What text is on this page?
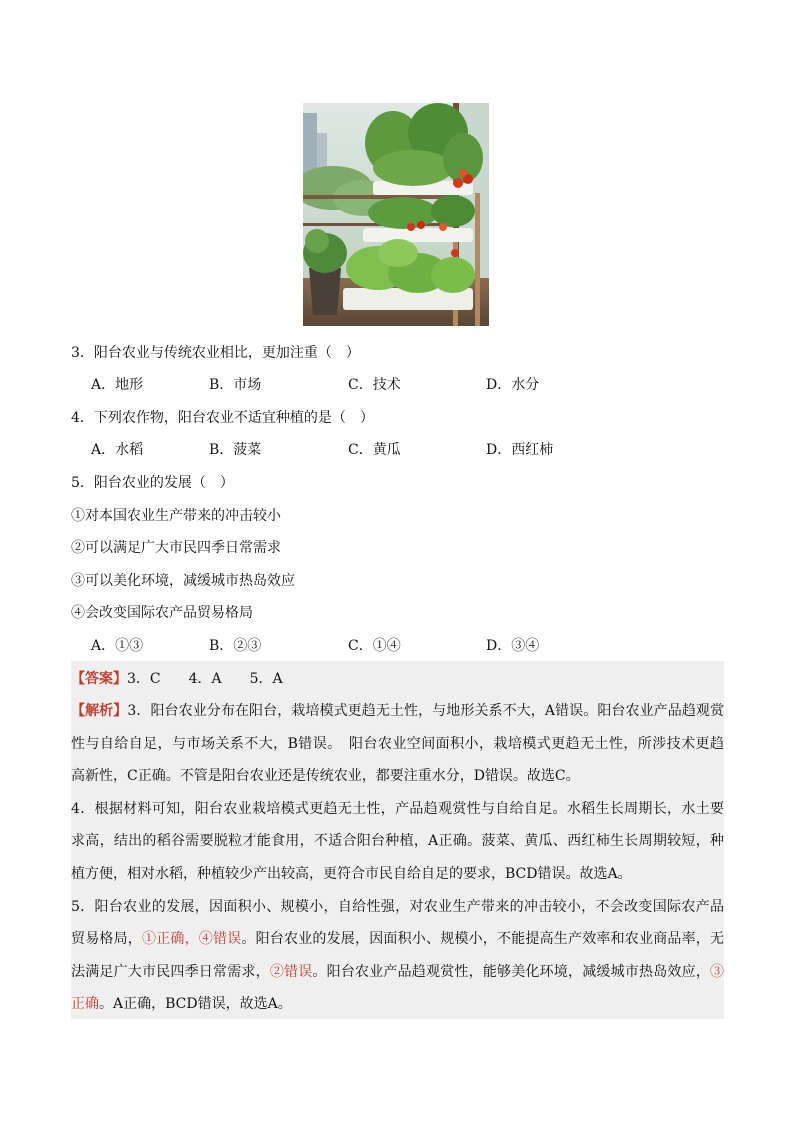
3．阳台农业与传统农业相比，更加注重（　）
A．地形	B．市场	C．技术	D．水分
4．下列农作物，阳台农业不适宜种植的是（　）
A．水稻	B．菠菜	C．黄瓜	D．西红柿
5．阳台农业的发展（　）
①对本国农业生产带来的冲击较小
②可以满足广大市民四季日常需求
③可以美化环境，减缓城市热岛效应
④会改变国际农产品贸易格局
A．①③	B．②③	C．①④	D．③④
【答案】3．C　　4．A　　5．A
【解析】3．阳台农业分布在阳台，栽培模式更趋无土性，与地形关系不大，A错误。阳台农业产品趋观赏
性与自给自足，与市场关系不大，B错误。　阳台农业空间面积小，栽培模式更趋无土性，所涉技术更趋
高新性，C正确。不管是阳台农业还是传统农业，都要注重水分，D错误。故选C。
4．根据材料可知，阳台农业栽培模式更趋无土性，产品趋观赏性与自给自足。水稻生长周期长，水土要
求高，结出的稻谷需要脱粒才能食用，不适合阳台种植，A正确。菠菜、黄瓜、西红柿生长周期较短，种
植方便，相对水稻，种植较少产出较高，更符合市民自给自足的要求，BCD错误。故选A。
5．阳台农业的发展，因面积小、规模小，自给性强，对农业生产带来的冲击较小，不会改变国际农产品
贸易格局，①正确，④错误。阳台农业的发展，因面积小、规模小，不能提高生产效率和农业商品率，无
法满足广大市民四季日常需求，②错误。阳台农业产品趋观赏性，能够美化环境，减缓城市热岛效应，③
正确。A正确，BCD错误，故选A。
